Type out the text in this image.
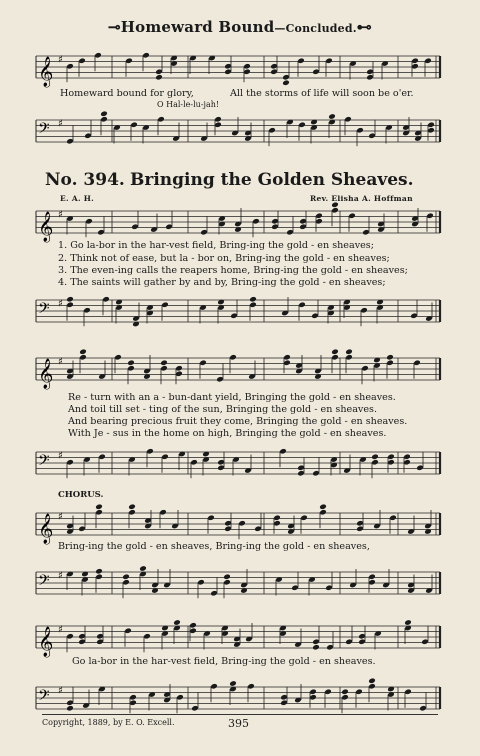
⊸Homeward Bound—Concluded.⊷
𝄞 ♯
Homeward bound for glory,	All the storms of life will soon be o'er.
O Hal-le-lu-jah!
𝄢 ♯
No. 394. Bringing the Golden Sheaves.
E. A. H.	Rev. Elisha A. Hoffman
𝄞 ♯
1. Go la-bor in the har-vest field, Bring-ing the gold - en sheaves;
2. Think not of ease, but la - bor on, Bring-ing the gold - en sheaves;
3. The even-ing calls the reapers home, Bring-ing the gold - en sheaves;
4. The saints will gather by and by, Bring-ing the gold - en sheaves;
𝄢 ♯
𝄞 ♯
Re - turn with an a - bun-dant yield, Bringing the gold - en sheaves.
And toil till set - ting of the sun, Bringing the gold - en sheaves.
And bearing precious fruit they come, Bringing the gold - en sheaves.
With Je - sus in the home on high, Bringing the gold - en sheaves.
𝄢 ♯
CHORUS.
𝄞 ♯
Bring-ing the gold - en sheaves, Bring-ing the gold - en sheaves,
𝄢 ♯
𝄞 ♯
Go la-bor in the har-vest field, Bring-ing the gold - en sheaves.
𝄢 ♯
Copyright, 1889, by E. O. Excell.	395
